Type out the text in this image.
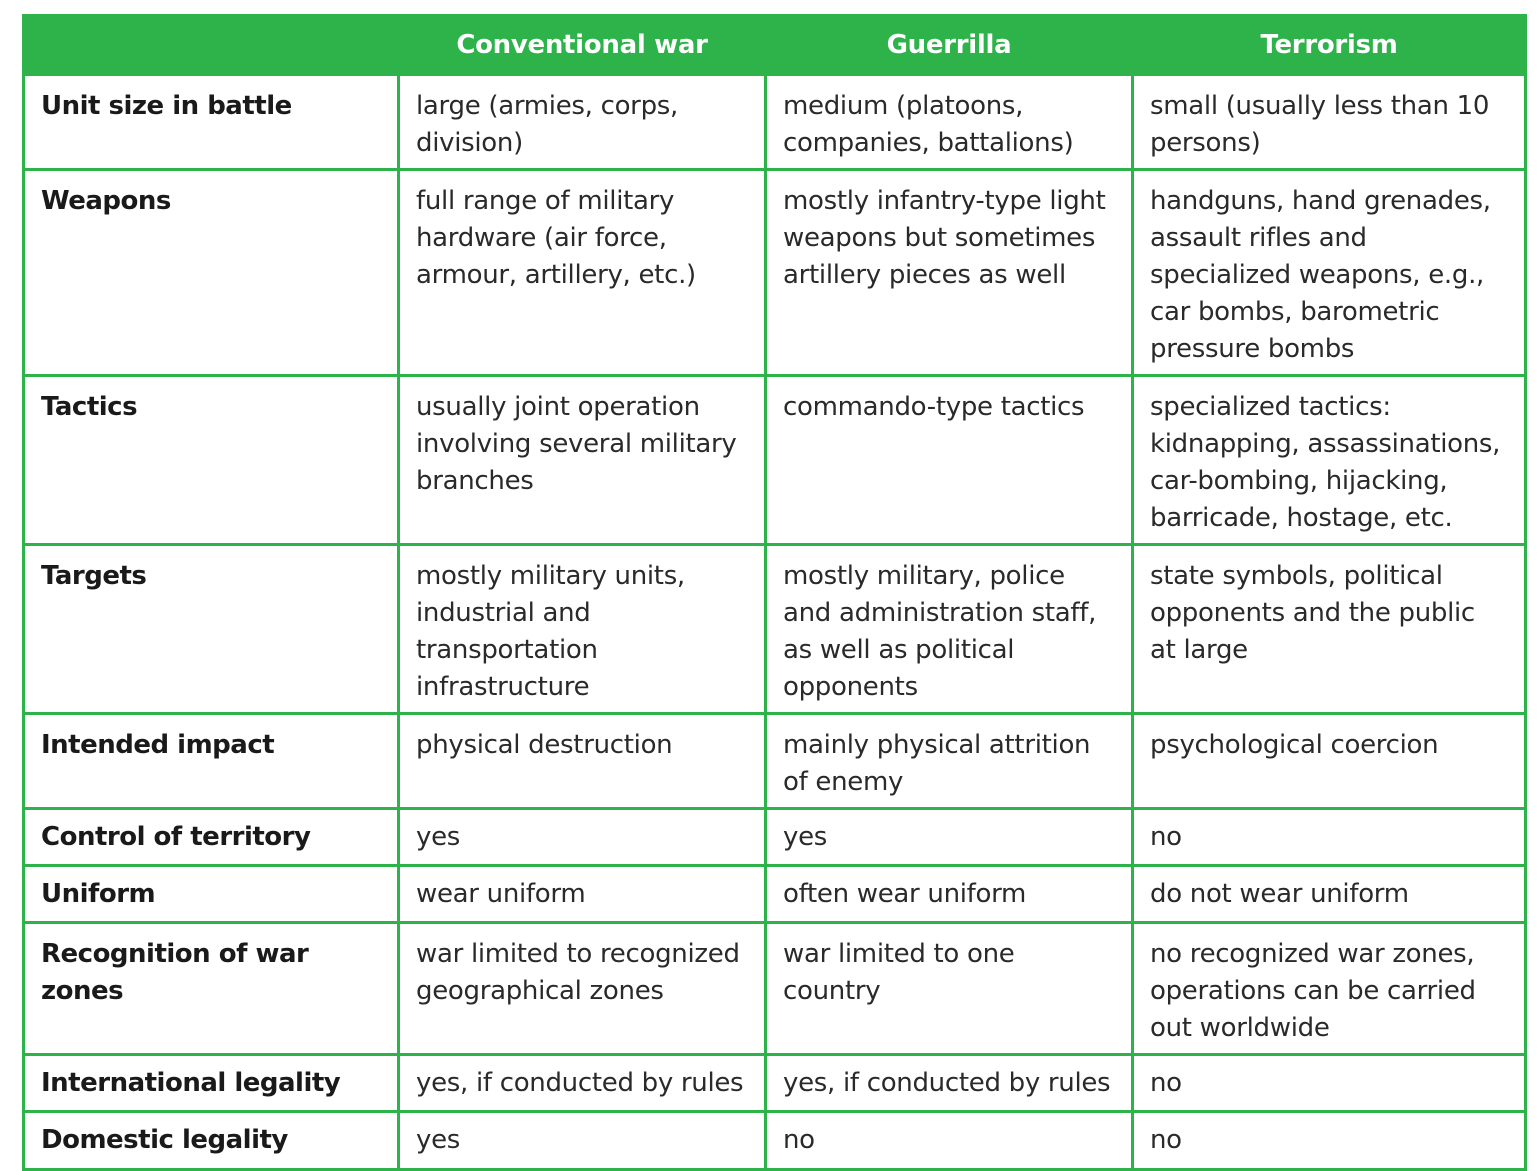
	Conventional war	Guerrilla	Terrorism
Unit size in battle	large (armies, corps, division)	medium (platoons, companies, battalions)	small (usually less than 10 persons)
Weapons	full range of military hardware (air force, armour, artillery, etc.)	mostly infantry-type light weapons but sometimes artillery pieces as well	handguns, hand grenades, assault rifles and specialized weapons, e.g., car bombs, barometric pressure bombs
Tactics	usually joint operation involving several military branches	commando-type tactics	specialized tactics: kidnapping, assassinations, car-bombing, hijacking, barricade, hostage, etc.
Targets	mostly military units, industrial and transportation infrastructure	mostly military, police and administration staff, as well as political opponents	state symbols, political opponents and the public at large
Intended impact	physical destruction	mainly physical attrition of enemy	psychological coercion
Control of territory	yes	yes	no
Uniform	wear uniform	often wear uniform	do not wear uniform
Recognition of war zones	war limited to recognized geographical zones	war limited to one country	no recognized war zones, operations can be carried out worldwide
International legality	yes, if conducted by rules	yes, if conducted by rules	no
Domestic legality	yes	no	no
